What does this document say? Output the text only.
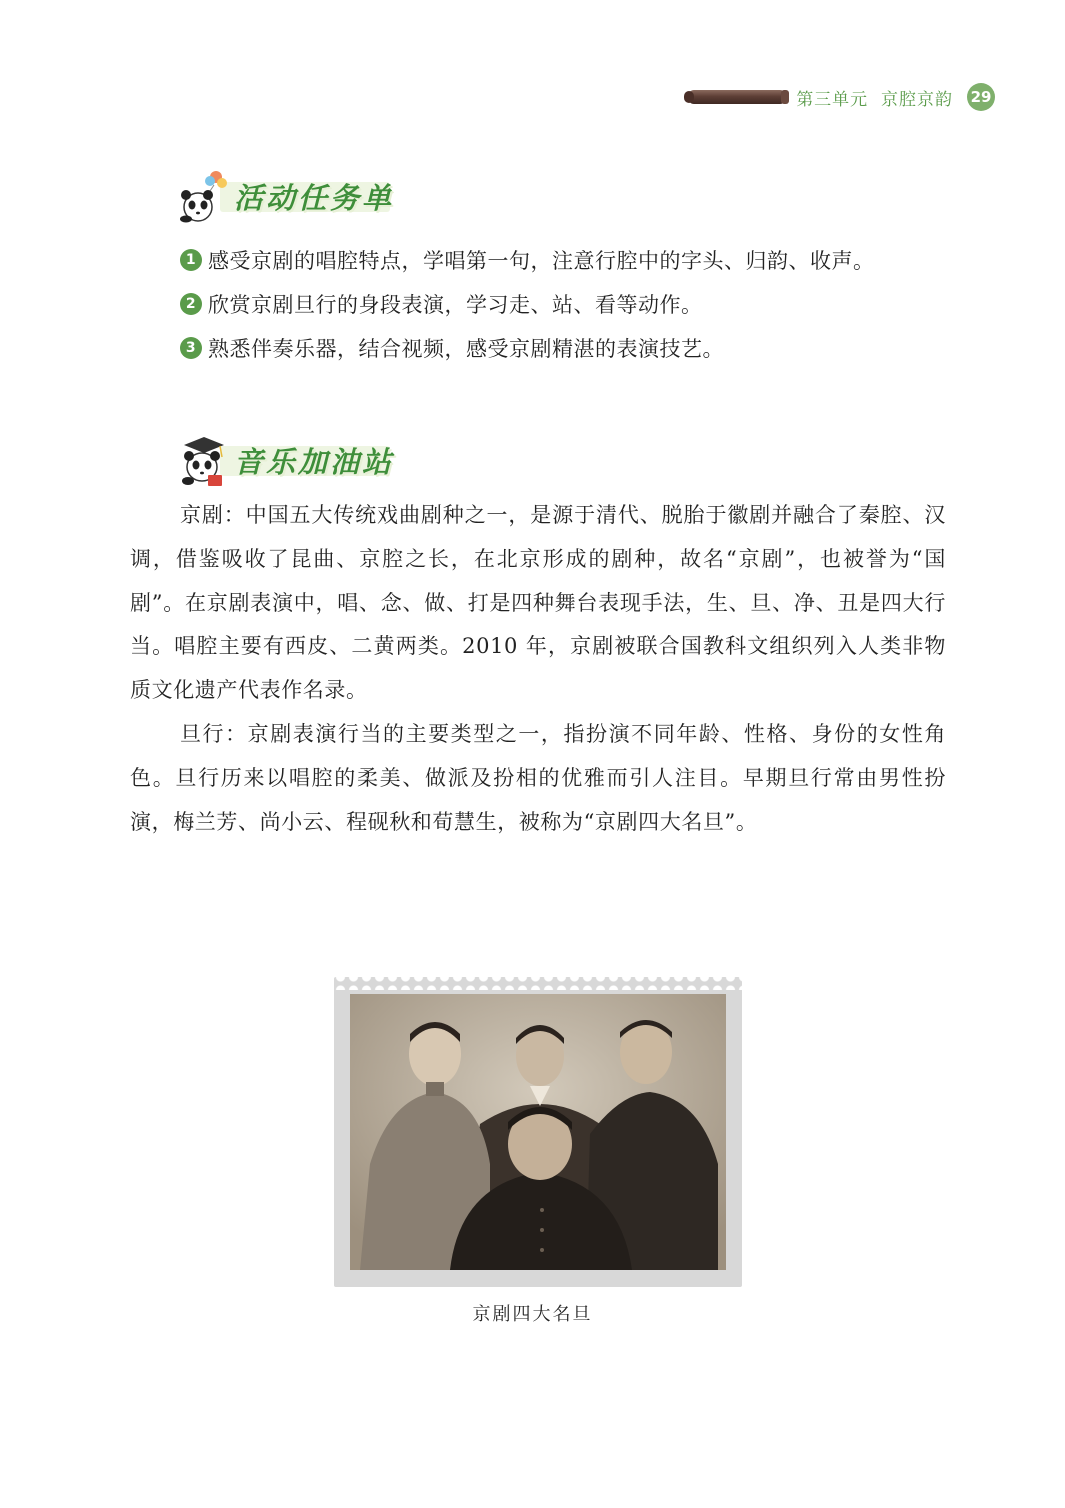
第三单元
京腔京韵 29
活动任务单
1 感受京剧的唱腔特点，学唱第一句，注意行腔中的字头、归韵、收声。
2 欣赏京剧旦行的身段表演，学习走、站、看等动作。
3 熟悉伴奏乐器，结合视频，感受京剧精湛的表演技艺。
音乐加油站

京剧：中国五大传统戏曲剧种之一，是源于清代、脱胎于徽剧并融合了秦腔、汉调，借鉴吸收了昆曲、京腔之长，在北京形成的剧种，故名“京剧”，也被誉为“国剧”。在京剧表演中，唱、念、做、打是四种舞台表现手法，生、旦、净、丑是四大行当。唱腔主要有西皮、二黄两类。2010 年，京剧被联合国教科文组织列入人类非物质文化遗产代表作名录。

旦行：京剧表演行当的主要类型之一，指扮演不同年龄、性格、身份的女性角色。旦行历来以唱腔的柔美、做派及扮相的优雅而引人注目。早期旦行常由男性扮演，梅兰芳、尚小云、程砚秋和荀慧生，被称为“京剧四大名旦”。

京剧四大名旦
